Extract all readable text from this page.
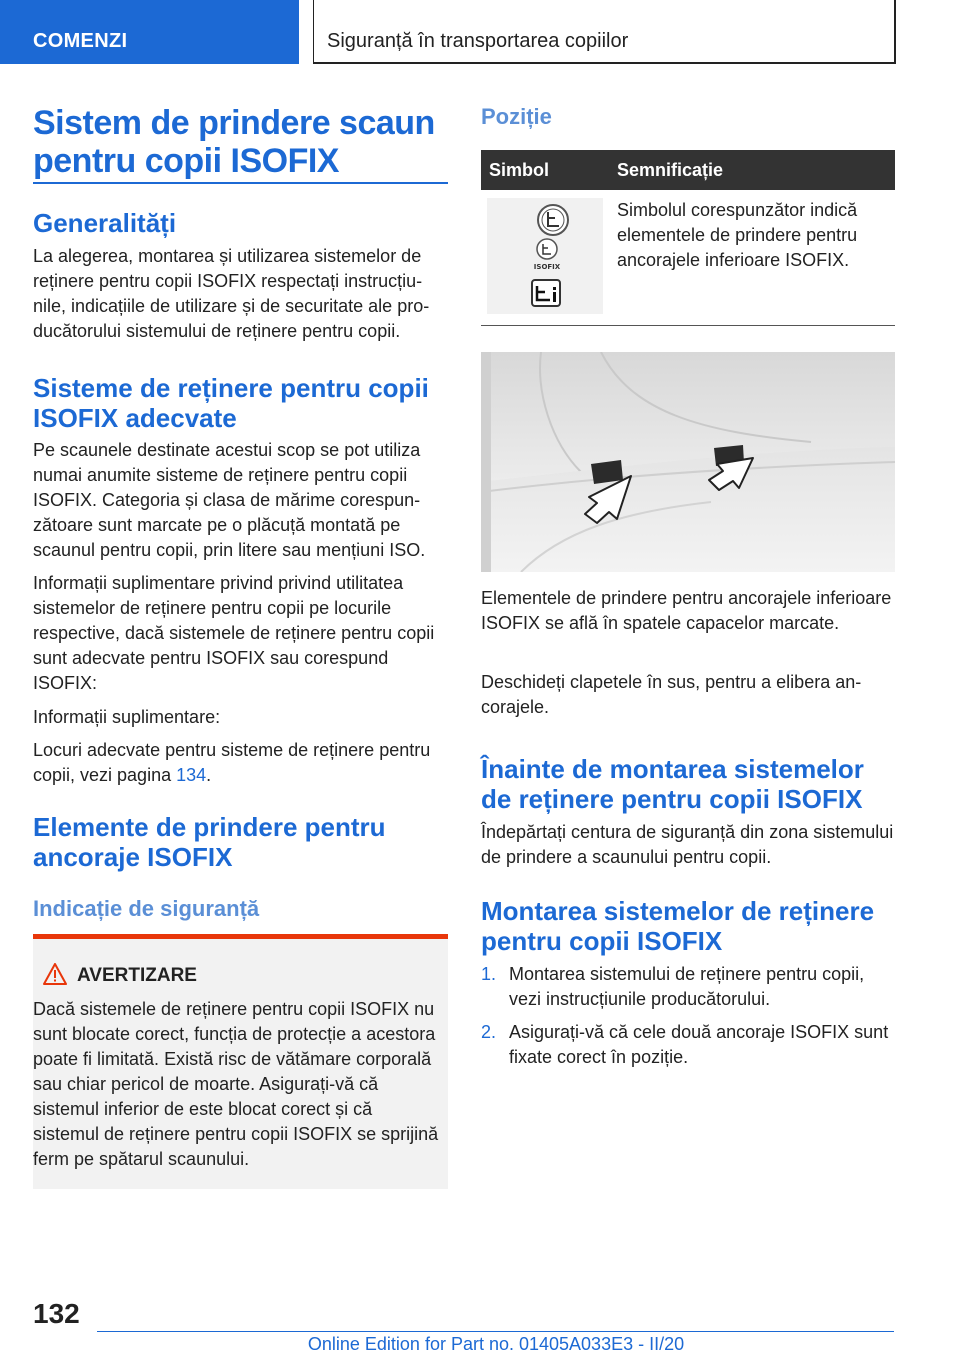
COMENZI	Siguranță în transportarea copiilor
Sistem de prindere scaun pentru copii ISOFIX
Generalități

La alegerea, montarea și utilizarea sistemelor de reținere pentru copii ISOFIX respectați instrucțiunile, indicațiile de utilizare și de securitate ale producătorului sistemului de reținere pentru copii.

Sisteme de reținere pentru copii ISOFIX adecvate

Pe scaunele destinate acestui scop se pot utiliza numai anumite sisteme de reținere pentru copii ISOFIX. Categoria și clasa de mărime corespunzătoare sunt marcate pe o plăcuță montată pe scaunul pentru copii, prin litere sau mențiuni ISO.

Informații suplimentare privind privind utilitatea sistemelor de reținere pentru copii pe locurile respective, dacă sistemele de reținere pentru copii sunt adecvate pentru ISOFIX sau corespund ISOFIX:

Informații suplimentare:

Locuri adecvate pentru sisteme de reținere pentru copii, vezi pagina 134.

Elemente de prindere pentru ancoraje ISOFIX
Indicație de siguranță
AVERTIZARE

Dacă sistemele de reținere pentru copii ISOFIX nu sunt blocate corect, funcția de protecție a acestora poate fi limitată. Există risc de vătămare corporală sau chiar pericol de moarte. Asigurați-vă că sistemul inferior de este blocat corect și că sistemul de reținere pentru copii ISOFIX se sprijină ferm pe spătarul scaunului.

Poziție
Simbol	Semnificație

ISOFIX	Simbolul corespunzător indică elementele de prindere pentru ancorajele inferioare ISOFIX.

Elementele de prindere pentru ancorajele inferioare ISOFIX se află în spatele capacelor marcate.

Deschideți clapetele în sus, pentru a elibera ancorajele.

Înainte de montarea sistemelor de reținere pentru copii ISOFIX

Îndepărtați centura de siguranță din zona sistemului de prindere a scaunului pentru copii.

Montarea sistemelor de reținere pentru copii ISOFIX
1. Montarea sistemului de reținere pentru copii, vezi instrucțiunile producătorului.
2. Asigurați-vă că cele două ancoraje ISOFIX sunt fixate corect în poziție.
132
Online Edition for Part no. 01405A033E3 - II/20
